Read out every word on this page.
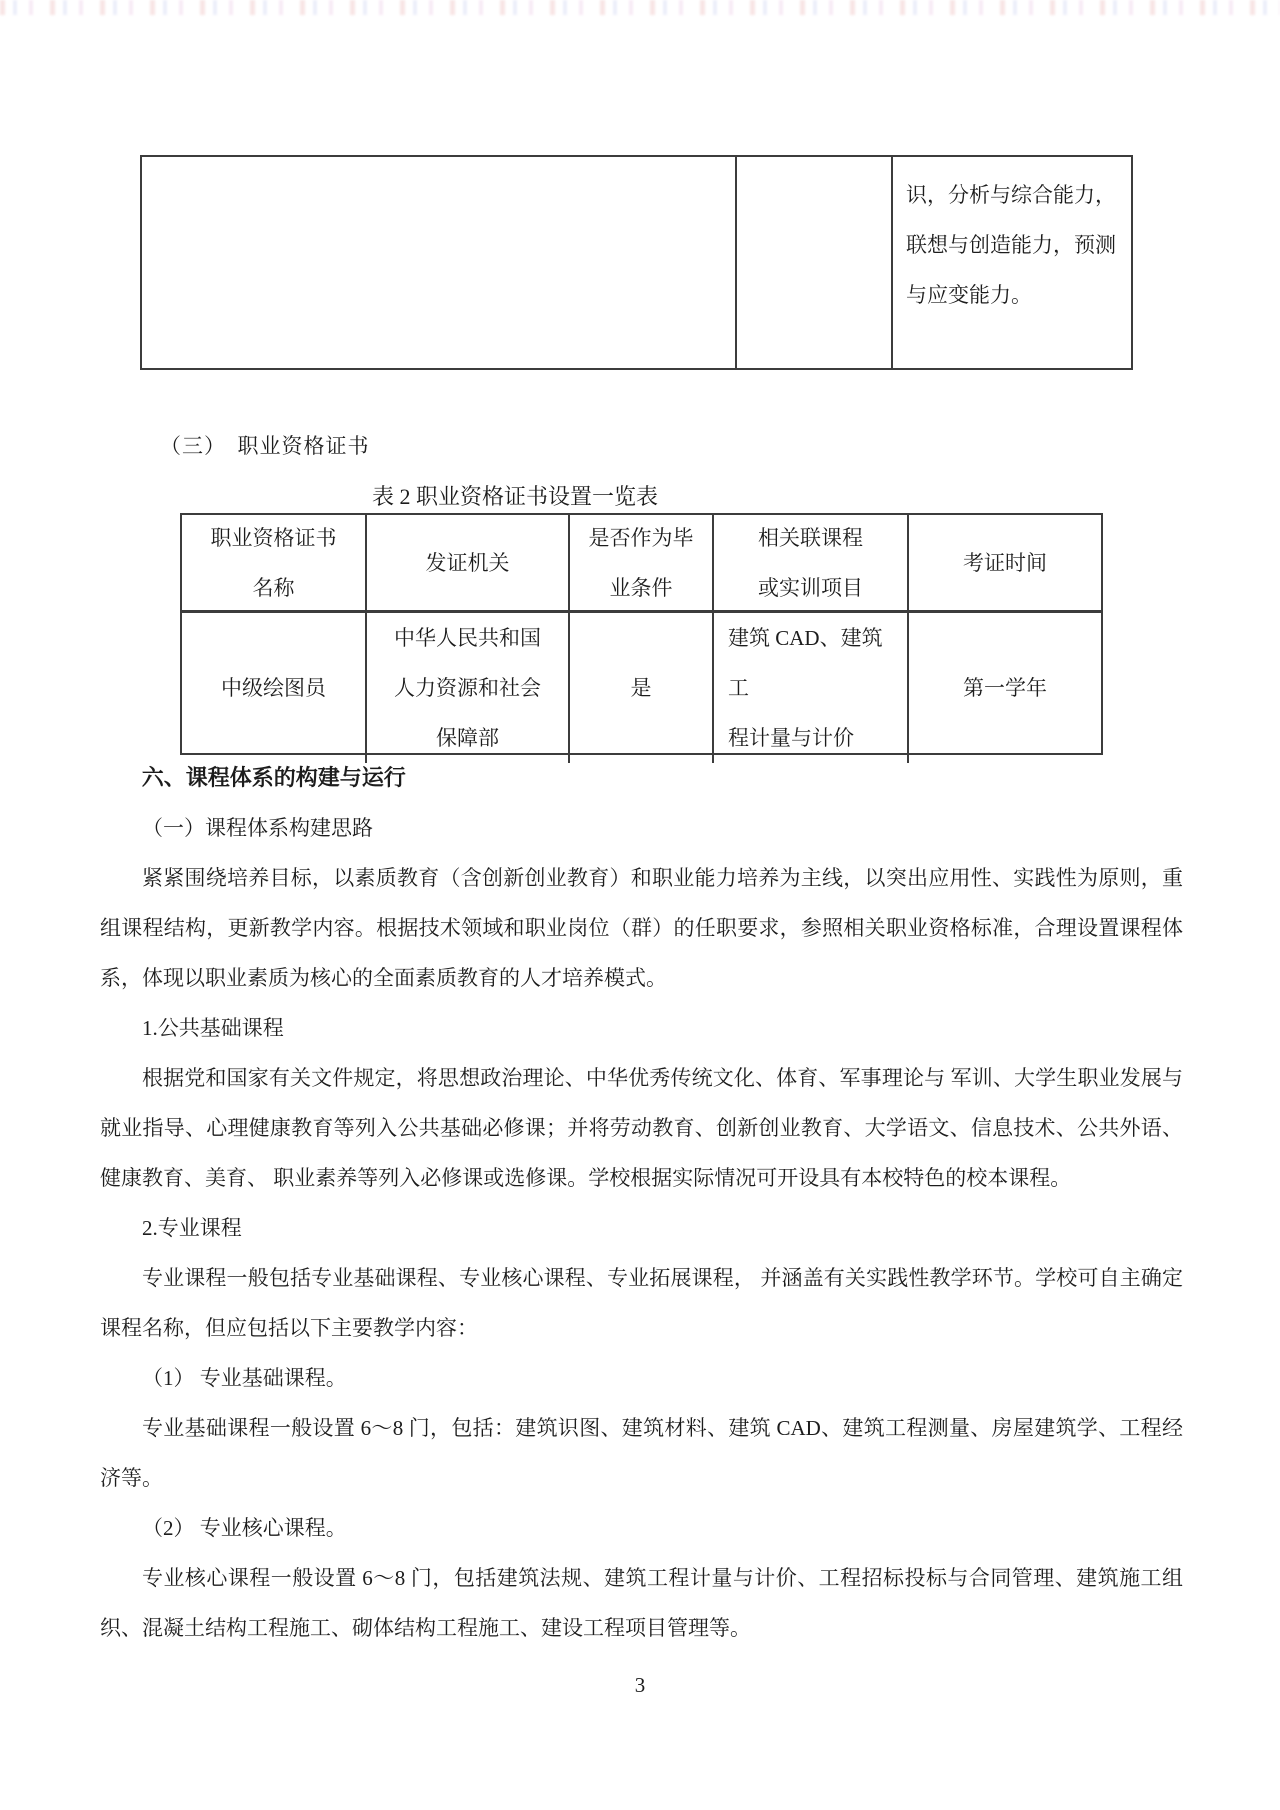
识，分析与综合能力，
联想与创造能力，预测
与应变能力。
（三）　职业资格证书
表 2 职业资格证书设置一览表
职业资格证书
名称
发证机关
是否作为毕
业条件
相关联课程
或实训项目
考证时间
中级绘图员
中华人民共和国
人力资源和社会
保障部
是
建筑 CAD、建筑工
程计量与计价
第一学年

六、课程体系的构建与运行

（一）课程体系构建思路

紧紧围绕培养目标，以素质教育（含创新创业教育）和职业能力培养为主线，以突出应用性、实践性为原则，重组课程结构，更新教学内容。根据技术领域和职业岗位（群）的任职要求，参照相关职业资格标准，合理设置课程体系，体现以职业素质为核心的全面素质教育的人才培养模式。

1.公共基础课程

根据党和国家有关文件规定，将思想政治理论、中华优秀传统文化、体育、军事理论与 军训、大学生职业发展与就业指导、心理健康教育等列入公共基础必修课；并将劳动教育、创新创业教育、大学语文、信息技术、公共外语、健康教育、美育、 职业素养等列入必修课或选修课。学校根据实际情况可开设具有本校特色的校本课程。

2.专业课程

专业课程一般包括专业基础课程、专业核心课程、专业拓展课程， 并涵盖有关实践性教学环节。学校可自主确定课程名称，但应包括以下主要教学内容：

（1） 专业基础课程。

专业基础课程一般设置 6～8 门，包括：建筑识图、建筑材料、建筑 CAD、建筑工程测量、房屋建筑学、工程经济等。

（2） 专业核心课程。

专业核心课程一般设置 6～8 门，包括建筑法规、建筑工程计量与计价、工程招标投标与合同管理、建筑施工组织、混凝土结构工程施工、砌体结构工程施工、建设工程项目管理等。

3
